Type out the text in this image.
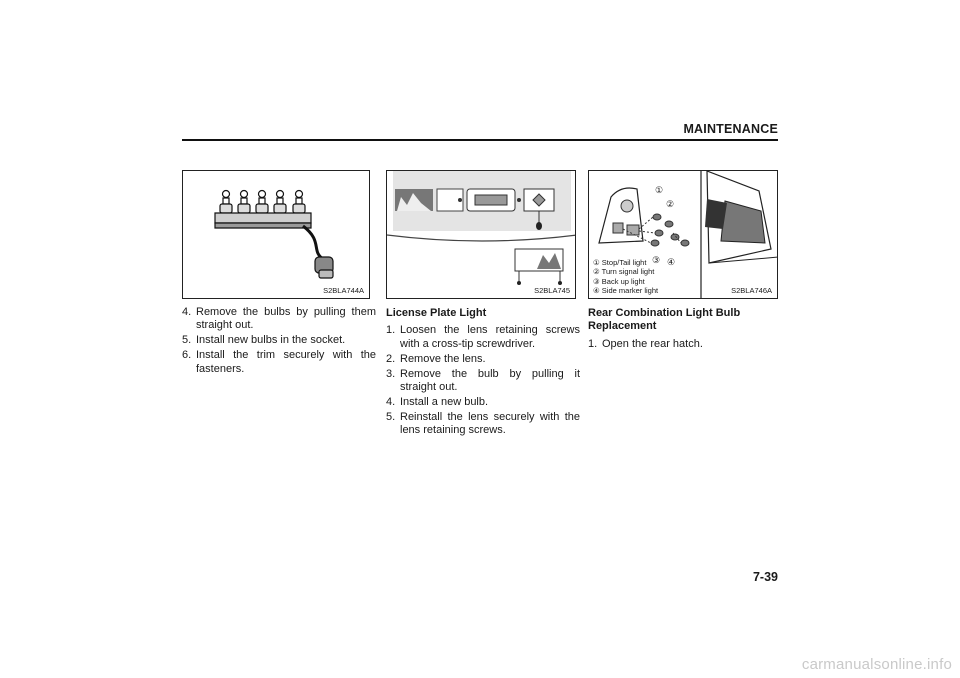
MAINTENANCE
S2BLA744A	S2BLA745
①
②
③ ④
① Stop/Tail light
② Turn signal light
③ Back up light
④ Side marker light	S2BLA746A
4. Remove the bulbs by pulling them straight out.
5. Install new bulbs in the socket.
6. Install the trim securely with the fasteners.
License Plate Light
1. Loosen the lens retaining screws with a cross-tip screwdriver.
2. Remove the lens.
3. Remove the bulb by pulling it straight out.
4. Install a new bulb.
5. Reinstall the lens securely with the lens retaining screws.
Rear Combination Light Bulb Replacement
1. Open the rear hatch.
7-39
carmanualsonline.info
